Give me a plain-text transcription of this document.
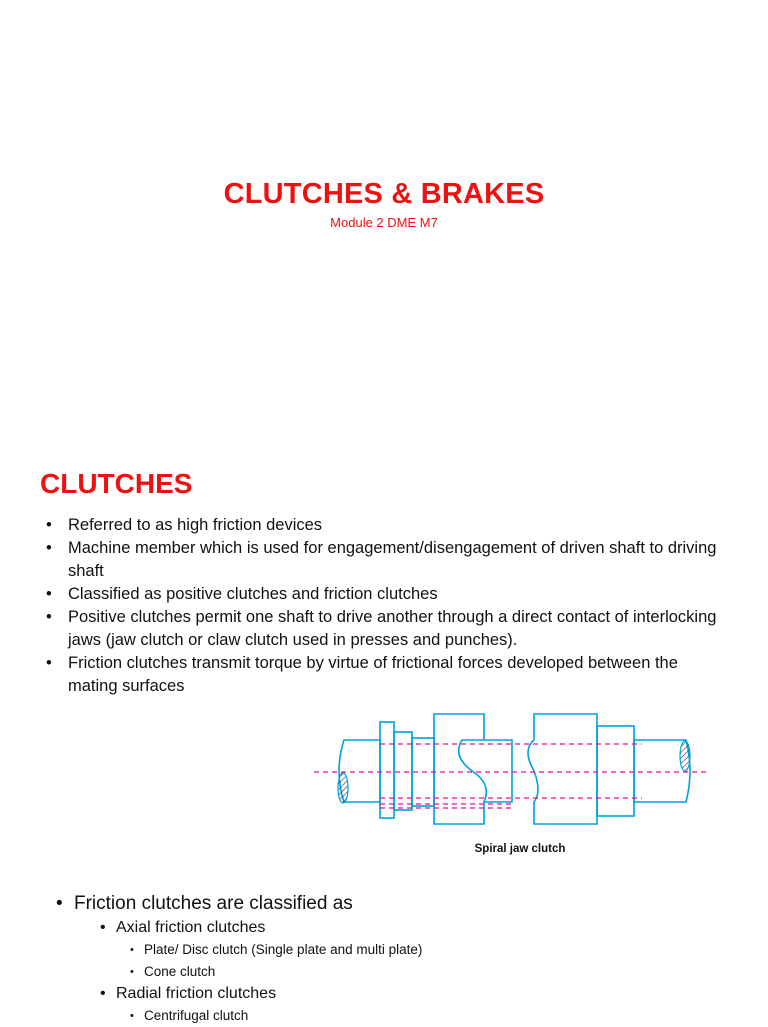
CLUTCHES & BRAKES
Module 2 DME M7
CLUTCHES
• Referred to as high friction devices
• Machine member which is used for engagement/disengagement of driven shaft to driving shaft
• Classified as positive clutches and friction clutches
• Positive clutches permit one shaft to drive another through a direct contact of interlocking jaws (jaw clutch or claw clutch used in presses and punches).
• Friction clutches transmit torque by virtue of frictional forces developed between the mating surfaces
Spiral jaw clutch
• Friction clutches are classified as
• Axial friction clutches
• Plate/ Disc clutch (Single plate and multi plate)
• Cone clutch
• Radial friction clutches
• Centrifugal clutch
